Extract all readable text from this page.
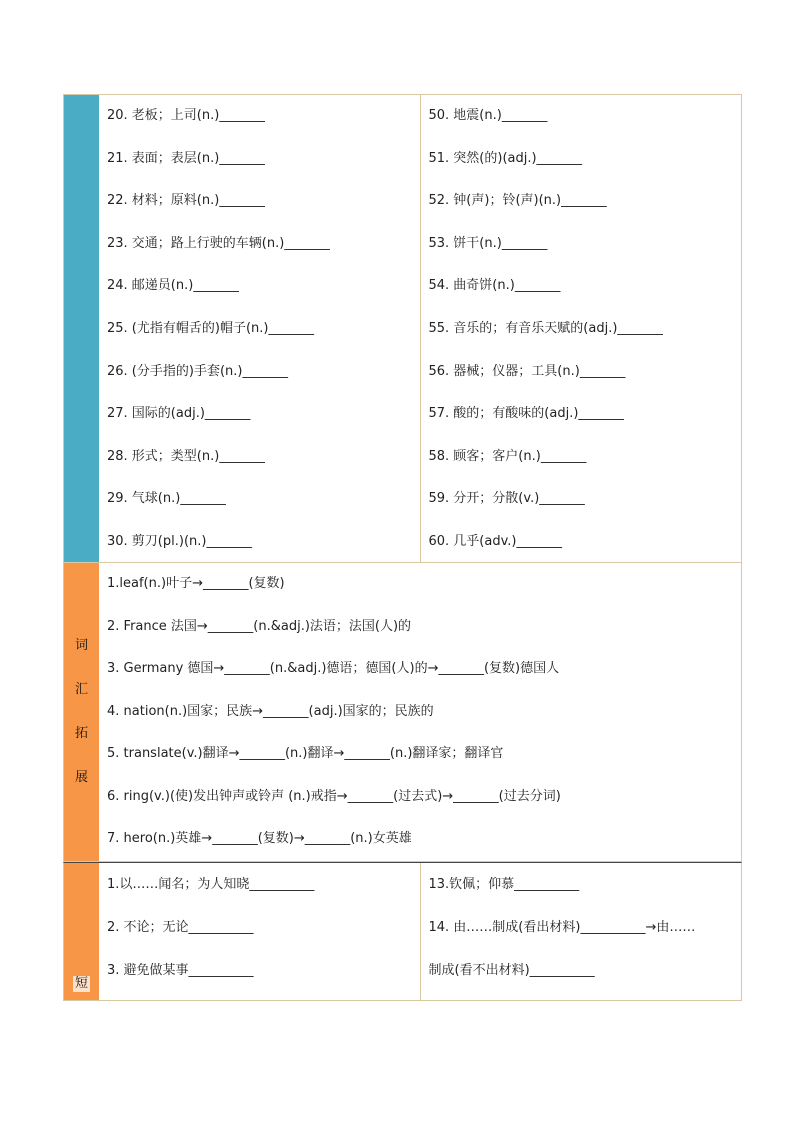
20. 老板；上司(n.)_______
21. 表面；表层(n.)_______
22. 材料；原料(n.)_______
23. 交通；路上行驶的车辆(n.)_______
24. 邮递员(n.)_______
25. (尤指有帽舌的)帽子(n.)_______
26. (分手指的)手套(n.)_______
27. 国际的(adj.)_______
28. 形式；类型(n.)_______
29. 气球(n.)_______
30. 剪刀(pl.)(n.)_______
50. 地震(n.)_______
51. 突然(的)(adj.)_______
52. 钟(声)；铃(声)(n.)_______
53. 饼干(n.)_______
54. 曲奇饼(n.)_______
55. 音乐的；有音乐天赋的(adj.)_______
56. 器械；仪器；工具(n.)_______
57. 酸的；有酸味的(adj.)_______
58. 顾客；客户(n.)_______
59. 分开；分散(v.)_______
60. 几乎(adv.)_______
词
汇
拓
展
1.leaf(n.)叶子→_______(复数)
2. France 法国→_______(n.&adj.)法语；法国(人)的
3. Germany 德国→_______(n.&adj.)德语；德国(人)的→_______(复数)德国人
4. nation(n.)国家；民族→_______(adj.)国家的；民族的
5. translate(v.)翻译→_______(n.)翻译→_______(n.)翻译家；翻译官
6. ring(v.)(使)发出钟声或铃声 (n.)戒指→_______(过去式)→_______(过去分词)
7. hero(n.)英雄→_______(复数)→_______(n.)女英雄
短
1.以……闻名；为人知晓__________
2. 不论；无论__________
3. 避免做某事__________
13.钦佩；仰慕__________
14. 由……制成(看出材料)__________→由……
制成(看不出材料)__________
